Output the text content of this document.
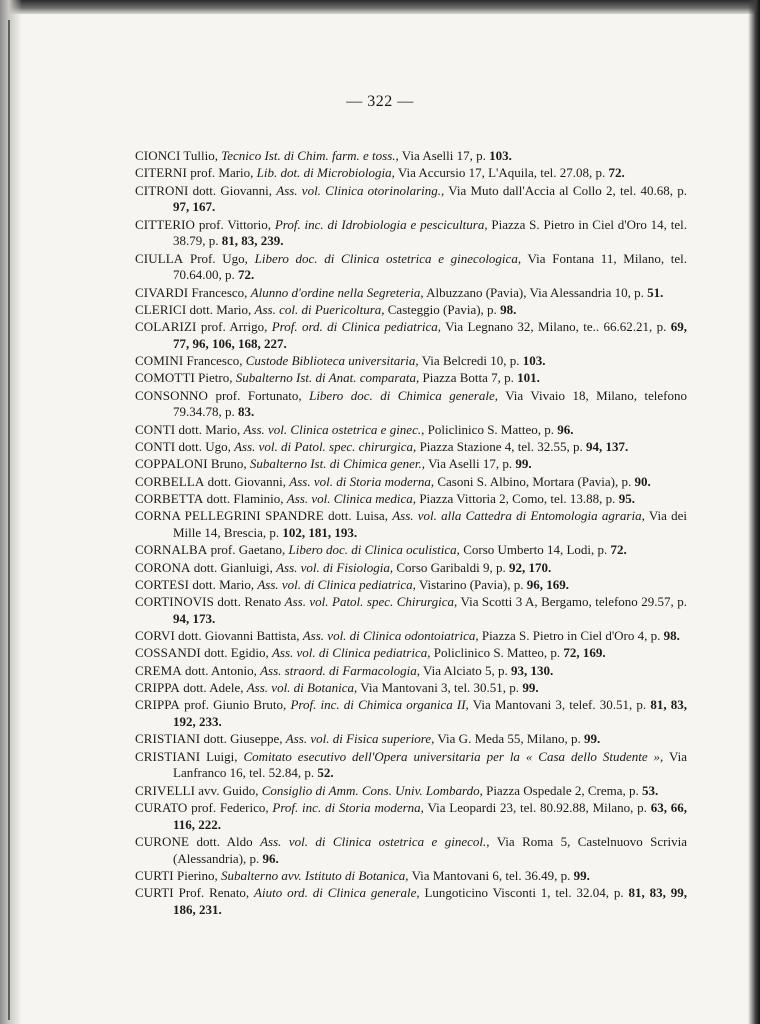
— 322 —

CIONCI Tullio, Tecnico Ist. di Chim. farm. e toss., Via Aselli 17, p. 103.

CITERNI prof. Mario, Lib. dot. di Microbiologia, Via Accursio 17, L'Aquila, tel. 27.08, p. 72.

CITRONI dott. Giovanni, Ass. vol. Clinica otorinolaring., Via Muto dall'Accia al Collo 2, tel. 40.68, p. 97, 167.

CITTERIO prof. Vittorio, Prof. inc. di Idrobiologia e pescicultura, Piazza S. Pietro in Ciel d'Oro 14, tel. 38.79, p. 81, 83, 239.

CIULLA Prof. Ugo, Libero doc. di Clinica ostetrica e ginecologica, Via Fontana 11, Milano, tel. 70.64.00, p. 72.

CIVARDI Francesco, Alunno d'ordine nella Segreteria, Albuzzano (Pavia), Via Alessandria 10, p. 51.

CLERICI dott. Mario, Ass. col. di Puericoltura, Casteggio (Pavia), p. 98.

COLARIZI prof. Arrigo, Prof. ord. di Clinica pediatrica, Via Legnano 32, Milano, te.. 66.62.21, p. 69, 77, 96, 106, 168, 227.

COMINI Francesco, Custode Biblioteca universitaria, Via Belcredi 10, p. 103.

COMOTTI Pietro, Subalterno Ist. di Anat. comparata, Piazza Botta 7, p. 101.

CONSONNO prof. Fortunato, Libero doc. di Chimica generale, Via Vivaio 18, Milano, telefono 79.34.78, p. 83.

CONTI dott. Mario, Ass. vol. Clinica ostetrica e ginec., Policlinico S. Matteo, p. 96.

CONTI dott. Ugo, Ass. vol. di Patol. spec. chirurgica, Piazza Stazione 4, tel. 32.55, p. 94, 137.

COPPALONI Bruno, Subalterno Ist. di Chimica gener., Via Aselli 17, p. 99.

CORBELLA dott. Giovanni, Ass. vol. di Storia moderna, Casoni S. Albino, Mortara (Pavia), p. 90.

CORBETTA dott. Flaminio, Ass. vol. Clinica medica, Piazza Vittoria 2, Como, tel. 13.88, p. 95.

CORNA PELLEGRINI SPANDRE dott. Luisa, Ass. vol. alla Cattedra di Entomologia agraria, Via dei Mille 14, Brescia, p. 102, 181, 193.

CORNALBA prof. Gaetano, Libero doc. di Clinica oculistica, Corso Umberto 14, Lodi, p. 72.

CORONA dott. Gianluigi, Ass. vol. di Fisiologia, Corso Garibaldi 9, p. 92, 170.

CORTESI dott. Mario, Ass. vol. di Clinica pediatrica, Vistarino (Pavia), p. 96, 169.

CORTINOVIS dott. Renato Ass. vol. Patol. spec. Chirurgica, Via Scotti 3 A, Bergamo, telefono 29.57, p. 94, 173.

CORVI dott. Giovanni Battista, Ass. vol. di Clinica odontoiatrica, Piazza S. Pietro in Ciel d'Oro 4, p. 98.

COSSANDI dott. Egidio, Ass. vol. di Clinica pediatrica, Policlinico S. Matteo, p. 72, 169.

CREMA dott. Antonio, Ass. straord. di Farmacologia, Via Alciato 5, p. 93, 130.

CRIPPA dott. Adele, Ass. vol. di Botanica, Via Mantovani 3, tel. 30.51, p. 99.

CRIPPA prof. Giunio Bruto, Prof. inc. di Chimica organica II, Via Mantovani 3, telef. 30.51, p. 81, 83, 192, 233.

CRISTIANI dott. Giuseppe, Ass. vol. di Fisica superiore, Via G. Meda 55, Milano, p. 99.

CRISTIANI Luigi, Comitato esecutivo dell'Opera universitaria per la « Casa dello Studente », Via Lanfranco 16, tel. 52.84, p. 52.

CRIVELLI avv. Guido, Consiglio di Amm. Cons. Univ. Lombardo, Piazza Ospedale 2, Crema, p. 53.

CURATO prof. Federico, Prof. inc. di Storia moderna, Via Leopardi 23, tel. 80.92.88, Milano, p. 63, 66, 116, 222.

CURONE dott. Aldo Ass. vol. di Clinica ostetrica e ginecol., Via Roma 5, Castelnuovo Scrivia (Alessandria), p. 96.

CURTI Pierino, Subalterno avv. Istituto di Botanica, Via Mantovani 6, tel. 36.49, p. 99.

CURTI Prof. Renato, Aiuto ord. di Clinica generale, Lungoticino Visconti 1, tel. 32.04, p. 81, 83, 99, 186, 231.
